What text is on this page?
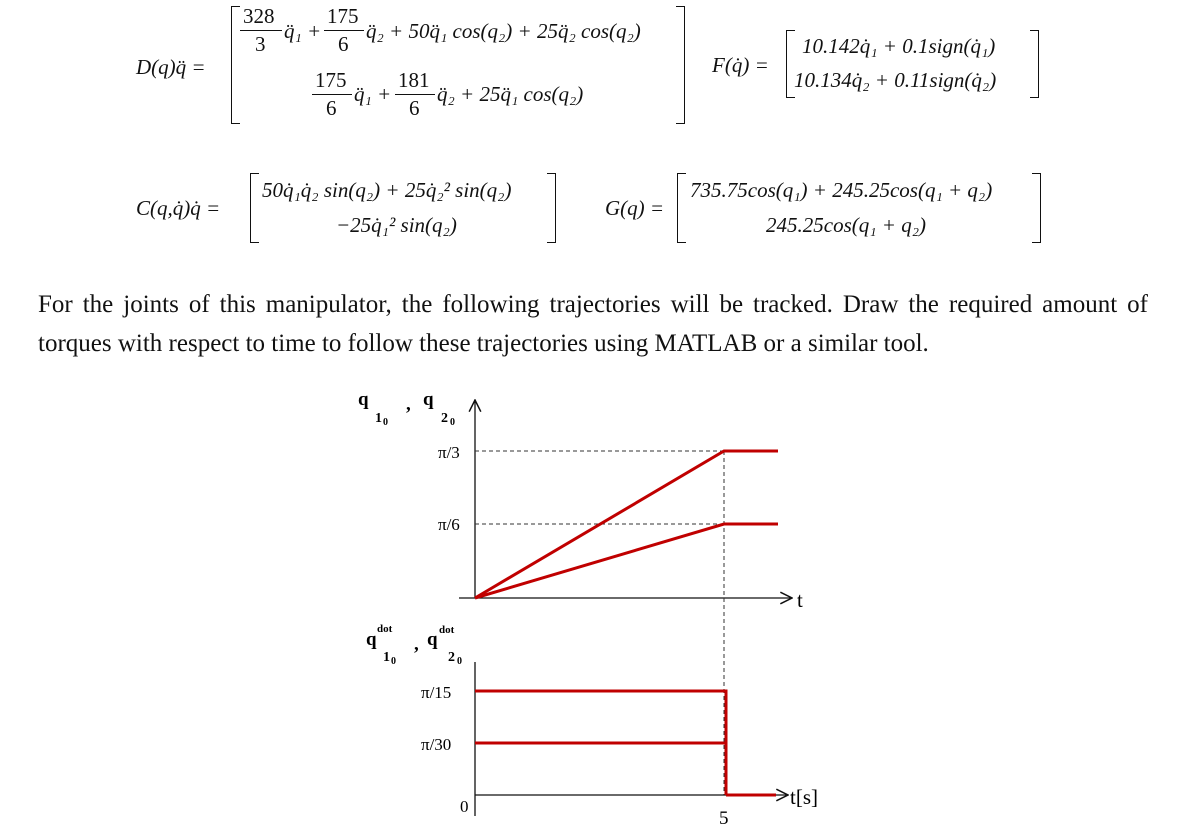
D(q)q̈ =
328
3
q̈₁ +
175
6
q̈₂ + 50q̈₁ cos(q₂) + 25q̈₂ cos(q₂)
175
6
q̈₁ +
181
6
q̈₂ + 25q̈₁ cos(q₂)
F(q̇) =
10.142q̇₁ + 0.1sign(q̇₁)
10.134q̇₂ + 0.11sign(q̇₂)
C(q,q̇)q̇ =
50q̇₁q̇₂ sin(q₂) + 25q̇₂² sin(q₂)
−25q̇₁² sin(q₂)
G(q) =
735.75cos(q₁) + 245.25cos(q₁ + q₂)
245.25cos(q₁ + q₂)
For the joints of this manipulator, the following trajectories will be tracked. Draw the required amount of torques with respect to time to follow these trajectories using MATLAB or a similar tool.
q
1 0
, q
2 0
t
π/3
π/6
q dot
1 0
, q dot
2 0
t[s]
π/15
π/30
0
5
